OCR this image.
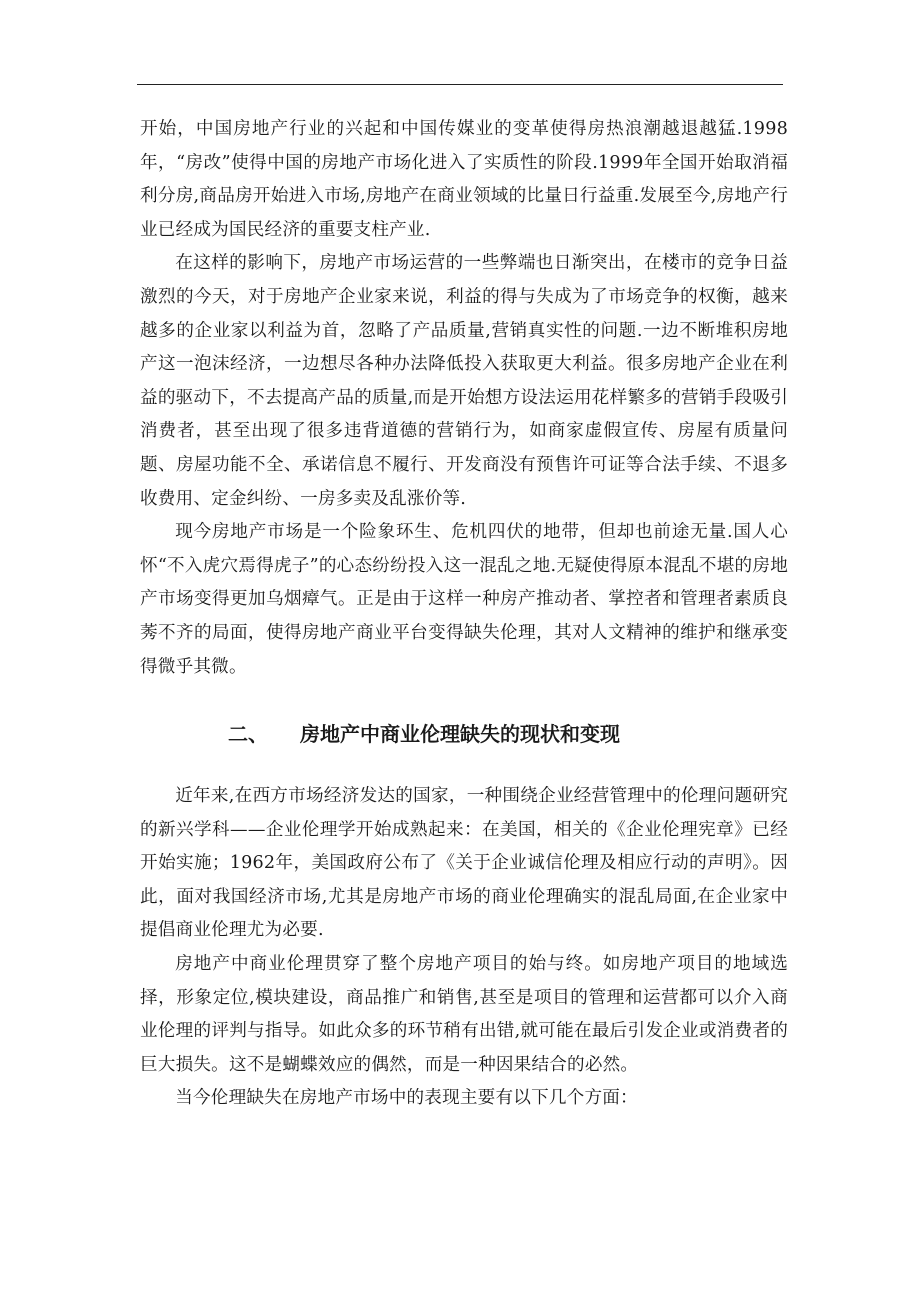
开始，中国房地产行业的兴起和中国传媒业的变革使得房热浪潮越退越猛.1998年，“房改”使得中国的房地产市场化进入了实质性的阶段.1999年全国开始取消福利分房,商品房开始进入市场,房地产在商业领域的比量日行益重.发展至今,房地产行业已经成为国民经济的重要支柱产业.

在这样的影响下，房地产市场运营的一些弊端也日渐突出，在楼市的竞争日益激烈的今天，对于房地产企业家来说，利益的得与失成为了市场竞争的权衡，越来越多的企业家以利益为首，忽略了产品质量,营销真实性的问题.一边不断堆积房地产这一泡沫经济，一边想尽各种办法降低投入获取更大利益。很多房地产企业在利益的驱动下，不去提高产品的质量,而是开始想方设法运用花样繁多的营销手段吸引消费者，甚至出现了很多违背道德的营销行为，如商家虚假宣传、房屋有质量问题、房屋功能不全、承诺信息不履行、开发商没有预售许可证等合法手续、不退多收费用、定金纠纷、一房多卖及乱涨价等.

现今房地产市场是一个险象环生、危机四伏的地带，但却也前途无量.国人心怀“不入虎穴焉得虎子”的心态纷纷投入这一混乱之地.无疑使得原本混乱不堪的房地产市场变得更加乌烟瘴气。正是由于这样一种房产推动者、掌控者和管理者素质良莠不齐的局面，使得房地产商业平台变得缺失伦理，其对人文精神的维护和继承变得微乎其微。

二、 房地产中商业伦理缺失的现状和变现

近年来,在西方市场经济发达的国家，一种围绕企业经营管理中的伦理问题研究的新兴学科——企业伦理学开始成熟起来：在美国，相关的《企业伦理宪章》已经开始实施；1962年，美国政府公布了《关于企业诚信伦理及相应行动的声明》。因此，面对我国经济市场,尤其是房地产市场的商业伦理确实的混乱局面,在企业家中提倡商业伦理尤为必要.

房地产中商业伦理贯穿了整个房地产项目的始与终。如房地产项目的地域选择，形象定位,模块建设，商品推广和销售,甚至是项目的管理和运营都可以介入商业伦理的评判与指导。如此众多的环节稍有出错,就可能在最后引发企业或消费者的巨大损失。这不是蝴蝶效应的偶然，而是一种因果结合的必然。

当今伦理缺失在房地产市场中的表现主要有以下几个方面：
